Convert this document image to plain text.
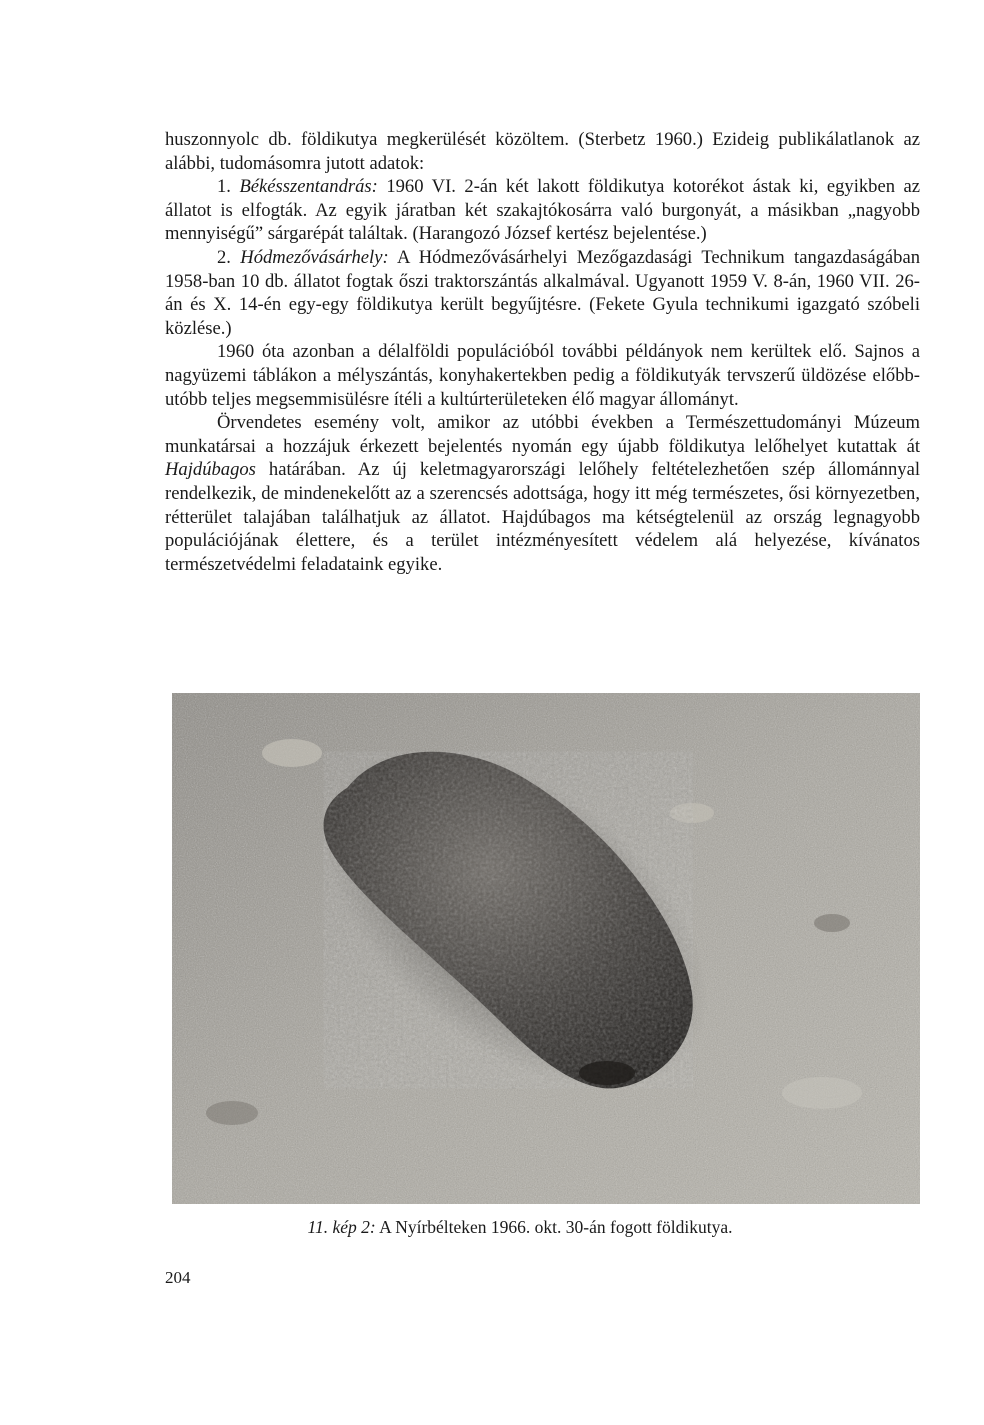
huszonnyolc db. földikutya megkerülését közöltem. (Sterbetz 1960.) Ezideig publikálatlanok az alábbi, tudomásomra jutott adatok:

1. Békésszentandrás: 1960 VI. 2-án két lakott földikutya kotorékot ástak ki, egyikben az állatot is elfogták. Az egyik járatban két szakajtókosárra való burgonyát, a másikban „nagyobb mennyiségű” sárgarépát találtak. (Harangozó József kertész bejelentése.)

2. Hódmezővásárhely: A Hódmezővásárhelyi Mezőgazdasági Technikum tangazdaságában 1958-ban 10 db. állatot fogtak őszi traktorszántás alkalmával. Ugyanott 1959 V. 8-án, 1960 VII. 26-án és X. 14-én egy-egy földikutya került begyűjtésre. (Fekete Gyula technikumi igazgató szóbeli közlése.)

1960 óta azonban a délalföldi populációból további példányok nem kerültek elő. Sajnos a nagyüzemi táblákon a mélyszántás, konyhakertekben pedig a földikutyák tervszerű üldözése előbb-utóbb teljes megsemmisülésre ítéli a kultúrterületeken élő magyar állományt.

Örvendetes esemény volt, amikor az utóbbi években a Természettudományi Múzeum munkatársai a hozzájuk érkezett bejelentés nyomán egy újabb földikutya lelőhelyet kutattak át Hajdúbagos határában. Az új keletmagyarországi lelőhely feltételezhetően szép állománnyal rendelkezik, de mindenekelőtt az a szerencsés adottsága, hogy itt még természetes, ősi környezetben, rétterület talajában találhatjuk az állatot. Hajdúbagos ma kétségtelenül az ország legnagyobb populációjának élettere, és a terület intézményesített védelem alá helyezése, kívánatos természetvédelmi feladataink egyike.

11. kép 2: A Nyírbélteken 1966. okt. 30-án fogott földikutya.
204
